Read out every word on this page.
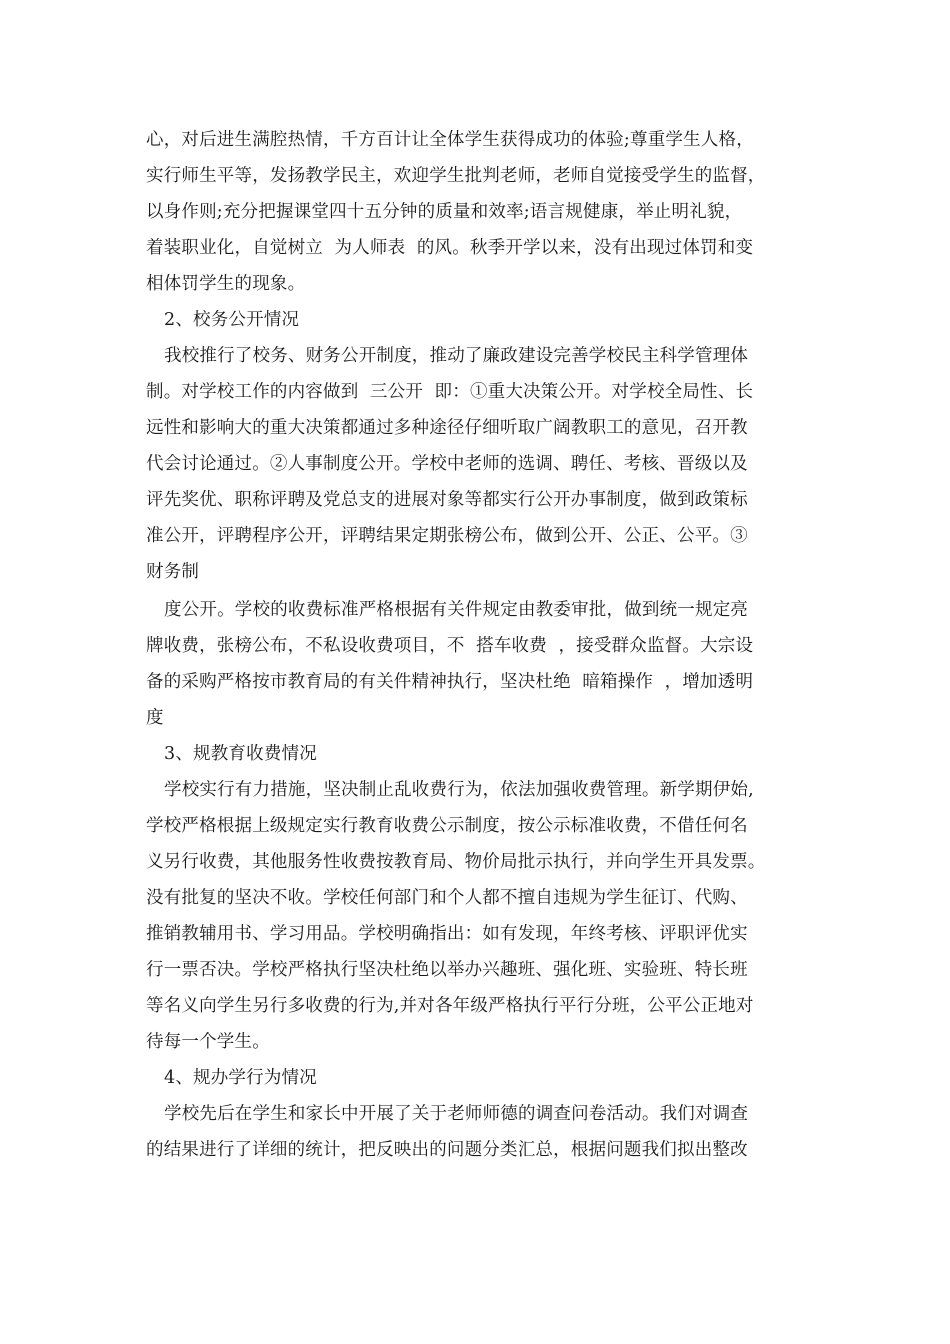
心，对后进生满腔热情，千方百计让全体学生获得成功的体验;尊重学生人格，
实行师生平等，发扬教学民主，欢迎学生批判老师，老师自觉接受学生的监督，
以身作则;充分把握课堂四十五分钟的质量和效率;语言规健康，举止明礼貌，
着装职业化，自觉树立  为人师表  的风。秋季开学以来，没有出现过体罚和变
相体罚学生的现象。
2、校务公开情况
我校推行了校务、财务公开制度，推动了廉政建设完善学校民主科学管理体
制。对学校工作的内容做到  三公开  即：①重大决策公开。对学校全局性、长
远性和影响大的重大决策都通过多种途径仔细听取广阔教职工的意见，召开教
代会讨论通过。②人事制度公开。学校中老师的选调、聘任、考核、晋级以及
评先奖优、职称评聘及党总支的进展对象等都实行公开办事制度，做到政策标
准公开，评聘程序公开，评聘结果定期张榜公布，做到公开、公正、公平。③
财务制
度公开。学校的收费标准严格根据有关件规定由教委审批，做到统一规定亮
牌收费，张榜公布，不私设收费项目，不  搭车收费  ，接受群众监督。大宗设
备的采购严格按市教育局的有关件精神执行，坚决杜绝  暗箱操作  ，增加透明
度
3、规教育收费情况
学校实行有力措施，坚决制止乱收费行为，依法加强收费管理。新学期伊始,
学校严格根据上级规定实行教育收费公示制度，按公示标准收费，不借任何名
义另行收费，其他服务性收费按教育局、物价局批示执行，并向学生开具发票。
没有批复的坚决不收。学校任何部门和个人都不擅自违规为学生征订、代购、
推销教辅用书、学习用品。学校明确指出：如有发现，年终考核、评职评优实
行一票否决。学校严格执行坚决杜绝以举办兴趣班、强化班、实验班、特长班
等名义向学生另行多收费的行为,并对各年级严格执行平行分班，公平公正地对
待每一个学生。
4、规办学行为情况
学校先后在学生和家长中开展了关于老师师德的调查问卷活动。我们对调查
的结果进行了详细的统计，把反映出的问题分类汇总，根据问题我们拟出整改
